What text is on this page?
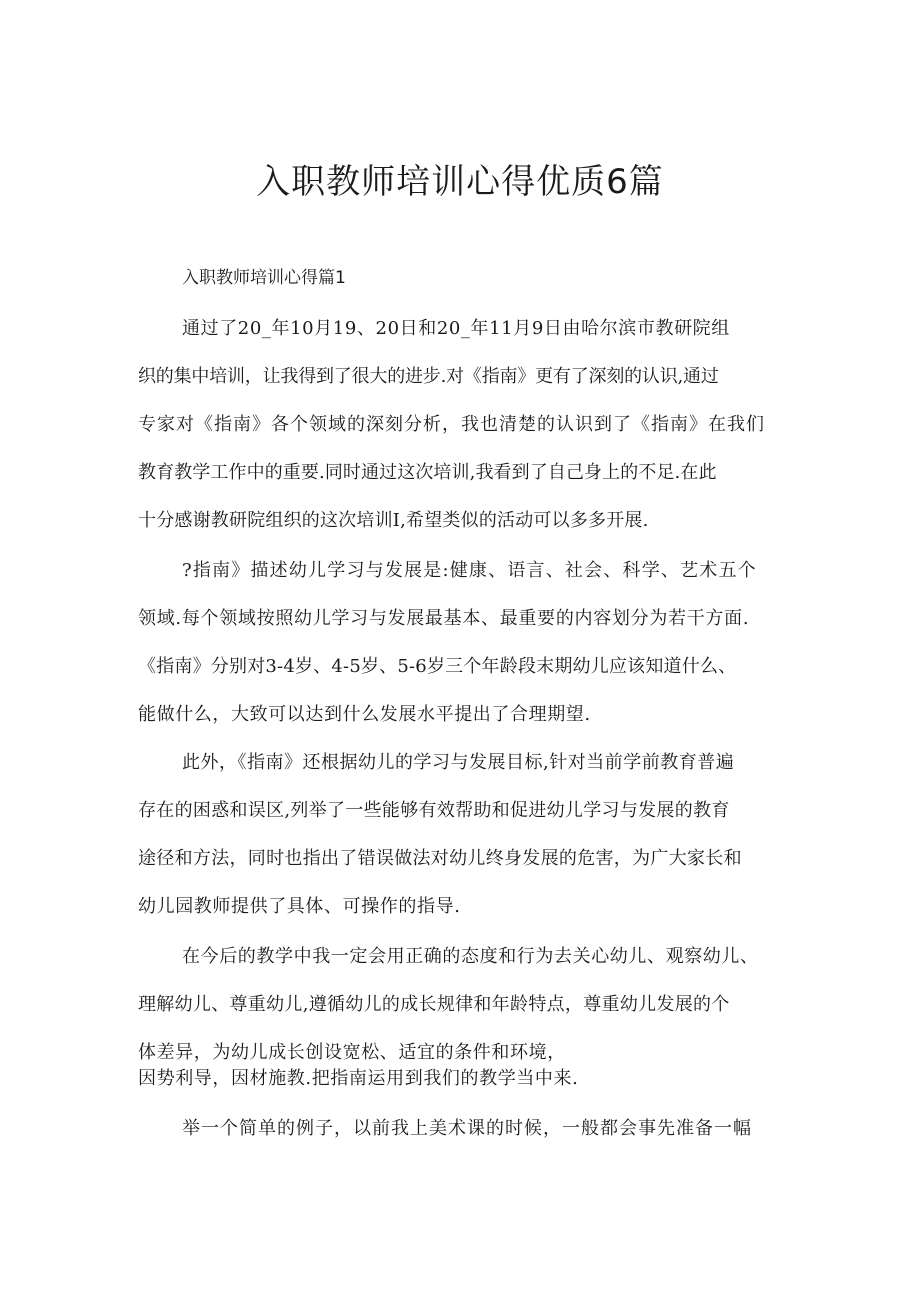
入职教师培训心得优质6篇
入职教师培训心得篇1
通过了20_年10月19、20日和20_年11月9日由哈尔滨市教研院组
织的集中培训，让我得到了很大的进步.对《指南》更有了深刻的认识,通过
专家对《指南》各个领域的深刻分析，我也清楚的认识到了《指南》在我们
教育教学工作中的重要.同时通过这次培训,我看到了自己身上的不足.在此
十分感谢教研院组织的这次培训I,希望类似的活动可以多多开展.
?指南》描述幼儿学习与发展是:健康、语言、社会、科学、艺术五个
领域.每个领域按照幼儿学习与发展最基本、最重要的内容划分为若干方面.
《指南》分别对3-4岁、4-5岁、5-6岁三个年龄段末期幼儿应该知道什么、
能做什么，大致可以达到什么发展水平提出了合理期望.
此外，《指南》还根据幼儿的学习与发展目标,针对当前学前教育普遍
存在的困惑和误区,列举了一些能够有效帮助和促进幼儿学习与发展的教育
途径和方法，同时也指出了错误做法对幼儿终身发展的危害，为广大家长和
幼儿园教师提供了具体、可操作的指导.
在今后的教学中我一定会用正确的态度和行为去关心幼儿、观察幼儿、
理解幼儿、尊重幼儿,遵循幼儿的成长规律和年龄特点，尊重幼儿发展的个
体差异，为幼儿成长创设宽松、适宜的条件和环境，
因势利导，因材施教.把指南运用到我们的教学当中来.
举一个简单的例子，以前我上美术课的时候，一般都会事先准备一幅
